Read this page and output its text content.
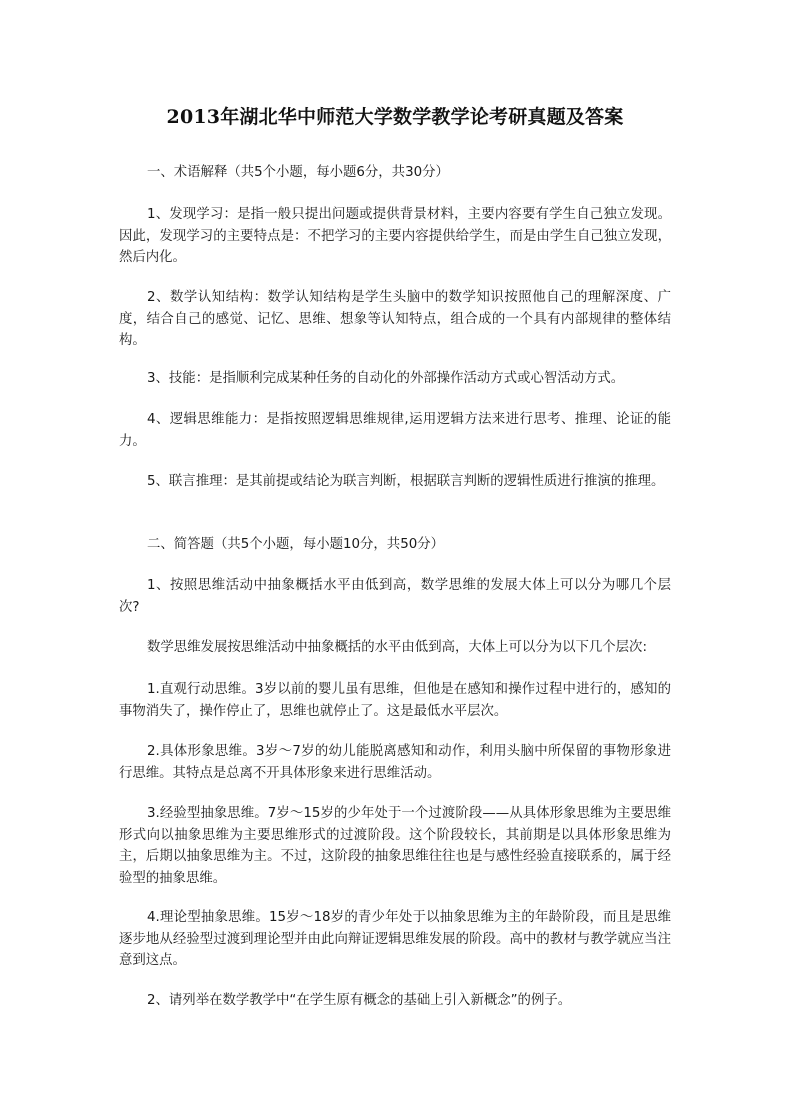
2013年湖北华中师范大学数学教学论考研真题及答案
一、术语解释（共5个小题，每小题6分，共30分）
1、发现学习：是指一般只提出问题或提供背景材料，主要内容要有学生自己独立发现。因此，发现学习的主要特点是：不把学习的主要内容提供给学生，而是由学生自己独立发现，然后内化。
2、数学认知结构：数学认知结构是学生头脑中的数学知识按照他自己的理解深度、广度，结合自己的感觉、记忆、思维、想象等认知特点，组合成的一个具有内部规律的整体结构。
3、技能：是指顺利完成某种任务的自动化的外部操作活动方式或心智活动方式。
4、逻辑思维能力：是指按照逻辑思维规律,运用逻辑方法来进行思考、推理、论证的能力。
5、联言推理：是其前提或结论为联言判断，根据联言判断的逻辑性质进行推演的推理。
二、简答题（共5个小题，每小题10分，共50分）
1、按照思维活动中抽象概括水平由低到高，数学思维的发展大体上可以分为哪几个层次?
数学思维发展按思维活动中抽象概括的水平由低到高，大体上可以分为以下几个层次:
1.直观行动思维。3岁以前的婴儿虽有思维，但他是在感知和操作过程中进行的，感知的事物消失了，操作停止了，思维也就停止了。这是最低水平层次。
2.具体形象思维。3岁～7岁的幼儿能脱离感知和动作，利用头脑中所保留的事物形象进行思维。其特点是总离不开具体形象来进行思维活动。
3.经验型抽象思维。7岁～15岁的少年处于一个过渡阶段——从具体形象思维为主要思维形式向以抽象思维为主要思维形式的过渡阶段。这个阶段较长，其前期是以具体形象思维为主，后期以抽象思维为主。不过，这阶段的抽象思维往往也是与感性经验直接联系的，属于经验型的抽象思维。
4.理论型抽象思维。15岁～18岁的青少年处于以抽象思维为主的年龄阶段，而且是思维逐步地从经验型过渡到理论型并由此向辩证逻辑思维发展的阶段。高中的教材与教学就应当注意到这点。
2、请列举在数学教学中“在学生原有概念的基础上引入新概念”的例子。
